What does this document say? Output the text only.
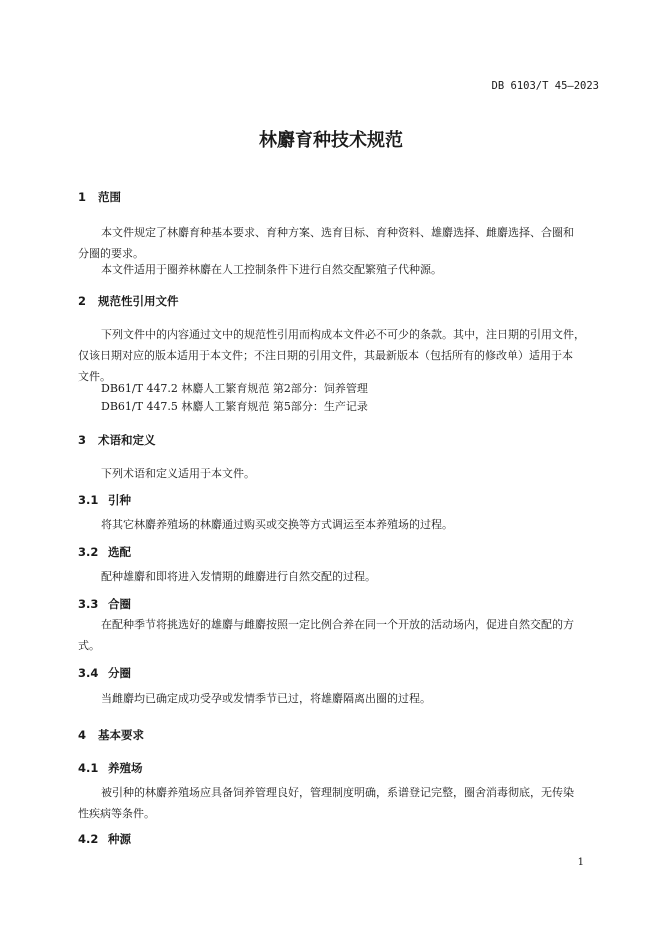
DB 6103/T 45—2023
林麝育种技术规范
1 范围
本文件规定了林麝育种基本要求、育种方案、选育目标、育种资料、雄麝选择、雌麝选择、合圈和
分圈的要求。
本文件适用于圈养林麝在人工控制条件下进行自然交配繁殖子代种源。
2 规范性引用文件
下列文件中的内容通过文中的规范性引用而构成本文件必不可少的条款。其中，注日期的引用文件，
仅该日期对应的版本适用于本文件；不注日期的引用文件，其最新版本（包括所有的修改单）适用于本
文件。
DB61/T 447.2 林麝人工繁育规范 第2部分：饲养管理
DB61/T 447.5 林麝人工繁育规范 第5部分：生产记录
3 术语和定义
下列术语和定义适用于本文件。
3.1 引种
将其它林麝养殖场的林麝通过购买或交换等方式调运至本养殖场的过程。
3.2 选配
配种雄麝和即将进入发情期的雌麝进行自然交配的过程。
3.3 合圈
在配种季节将挑选好的雄麝与雌麝按照一定比例合养在同一个开放的活动场内，促进自然交配的方
式。
3.4 分圈
当雌麝均已确定成功受孕或发情季节已过，将雄麝隔离出圈的过程。
4 基本要求
4.1 养殖场
被引种的林麝养殖场应具备饲养管理良好，管理制度明确，系谱登记完整，圈舍消毒彻底，无传染
性疾病等条件。
4.2 种源
1
